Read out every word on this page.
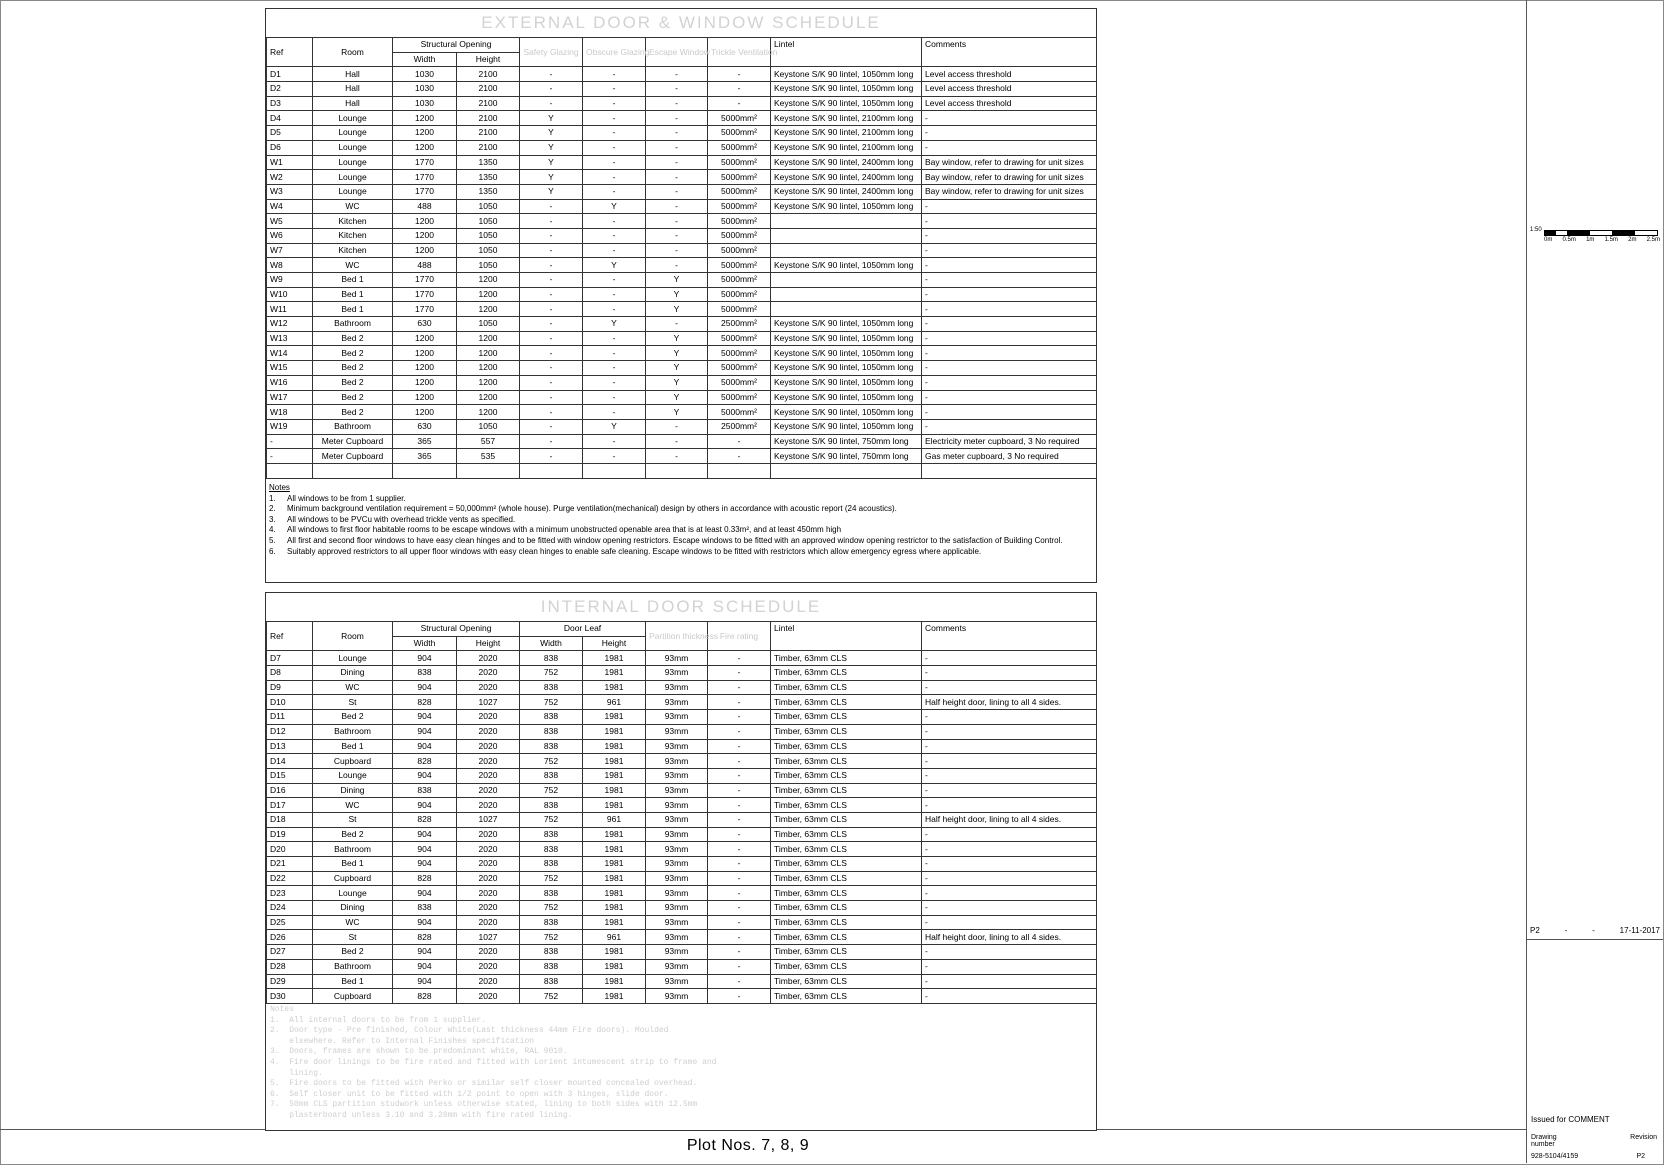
EXTERNAL DOOR & WINDOW SCHEDULE
Ref	Room	Structural Opening		Safety Glazing	Obscure Glazing	Escape Window	Trickle Ventilation	Lintel	Comments
		Width	Height						
D1	Hall	1030	2100	-	-	-	-	Keystone S/K 90 lintel, 1050mm long	Level access threshold
D2	Hall	1030	2100	-	-	-	-	Keystone S/K 90 lintel, 1050mm long	Level access threshold
D3	Hall	1030	2100	-	-	-	-	Keystone S/K 90 lintel, 1050mm long	Level access threshold
D4	Lounge	1200	2100	Y	-	-	5000mm²	Keystone S/K 90 lintel, 2100mm long	-
D5	Lounge	1200	2100	Y	-	-	5000mm²	Keystone S/K 90 lintel, 2100mm long	-
D6	Lounge	1200	2100	Y	-	-	5000mm²	Keystone S/K 90 lintel, 2100mm long	-
W1	Lounge	1770	1350	Y	-	-	5000mm²	Keystone S/K 90 lintel, 2400mm long	Bay window, refer to drawing for unit sizes
W2	Lounge	1770	1350	Y	-	-	5000mm²	Keystone S/K 90 lintel, 2400mm long	Bay window, refer to drawing for unit sizes
W3	Lounge	1770	1350	Y	-	-	5000mm²	Keystone S/K 90 lintel, 2400mm long	Bay window, refer to drawing for unit sizes
W4	WC	488	1050	-	Y	-	5000mm²	Keystone S/K 90 lintel, 1050mm long	-
W5	Kitchen	1200	1050	-	-	-	5000mm²		-
W6	Kitchen	1200	1050	-	-	-	5000mm²		-
W7	Kitchen	1200	1050	-	-	-	5000mm²		-
W8	WC	488	1050	-	Y	-	5000mm²	Keystone S/K 90 lintel, 1050mm long	-
W9	Bed 1	1770	1200	-	-	Y	5000mm²		-
W10	Bed 1	1770	1200	-	-	Y	5000mm²		-
W11	Bed 1	1770	1200	-	-	Y	5000mm²		-
W12	Bathroom	630	1050	-	Y	-	2500mm²	Keystone S/K 90 lintel, 1050mm long	-
W13	Bed 2	1200	1200	-	-	Y	5000mm²	Keystone S/K 90 lintel, 1050mm long	-
W14	Bed 2	1200	1200	-	-	Y	5000mm²	Keystone S/K 90 lintel, 1050mm long	-
W15	Bed 2	1200	1200	-	-	Y	5000mm²	Keystone S/K 90 lintel, 1050mm long	-
W16	Bed 2	1200	1200	-	-	Y	5000mm²	Keystone S/K 90 lintel, 1050mm long	-
W17	Bed 2	1200	1200	-	-	Y	5000mm²	Keystone S/K 90 lintel, 1050mm long	-
W18	Bed 2	1200	1200	-	-	Y	5000mm²	Keystone S/K 90 lintel, 1050mm long	-
W19	Bathroom	630	1050	-	Y	-	2500mm²	Keystone S/K 90 lintel, 1050mm long	-
-	Meter Cupboard	365	557	-	-	-	-	Keystone S/K 90 lintel, 750mm long	Electricity meter cupboard, 3 No required
-	Meter Cupboard	365	535	-	-	-	-	Keystone S/K 90 lintel, 750mm long	Gas meter cupboard, 3 No required

Notes
1.	All windows to be from 1 supplier.
2.	Minimum background ventilation requirement = 50,000mm² (whole house). Purge ventilation(mechanical) design by others in accordance with acoustic report (24 acoustics).
3.	All windows to be PVCu with overhead trickle vents as specified.
4.	All windows to first floor habitable rooms to be escape windows with a minimum unobstructed openable area that is at least 0.33m², and at least 450mm high
5.	All first and second floor windows to have easy clean hinges and to be fitted with window opening restrictors. Escape windows to be fitted with an approved window opening restrictor to the satisfaction of Building Control.
6.	Suitably approved restrictors to all upper floor windows with easy clean hinges to enable safe cleaning. Escape windows to be fitted with restrictors which allow emergency egress where applicable.
INTERNAL DOOR SCHEDULE
Ref	Room	Structural Opening		Door Leaf		Partition thickness	Fire rating	Lintel	Comments
		Width	Height	Width	Height				
D7	Lounge	904	2020	838	1981	93mm	-	Timber, 63mm CLS	-
D8	Dining	838	2020	752	1981	93mm	-	Timber, 63mm CLS	-
D9	WC	904	2020	838	1981	93mm	-	Timber, 63mm CLS	-
D10	St	828	1027	752	961	93mm	-	Timber, 63mm CLS	Half height door, lining to all 4 sides.
D11	Bed 2	904	2020	838	1981	93mm	-	Timber, 63mm CLS	-
D12	Bathroom	904	2020	838	1981	93mm	-	Timber, 63mm CLS	-
D13	Bed 1	904	2020	838	1981	93mm	-	Timber, 63mm CLS	-
D14	Cupboard	828	2020	752	1981	93mm	-	Timber, 63mm CLS	-
D15	Lounge	904	2020	838	1981	93mm	-	Timber, 63mm CLS	-
D16	Dining	838	2020	752	1981	93mm	-	Timber, 63mm CLS	-
D17	WC	904	2020	838	1981	93mm	-	Timber, 63mm CLS	-
D18	St	828	1027	752	961	93mm	-	Timber, 63mm CLS	Half height door, lining to all 4 sides.
D19	Bed 2	904	2020	838	1981	93mm	-	Timber, 63mm CLS	-
D20	Bathroom	904	2020	838	1981	93mm	-	Timber, 63mm CLS	-
D21	Bed 1	904	2020	838	1981	93mm	-	Timber, 63mm CLS	-
D22	Cupboard	828	2020	752	1981	93mm	-	Timber, 63mm CLS	-
D23	Lounge	904	2020	838	1981	93mm	-	Timber, 63mm CLS	-
D24	Dining	838	2020	752	1981	93mm	-	Timber, 63mm CLS	-
D25	WC	904	2020	838	1981	93mm	-	Timber, 63mm CLS	-
D26	St	828	1027	752	961	93mm	-	Timber, 63mm CLS	Half height door, lining to all 4 sides.
D27	Bed 2	904	2020	838	1981	93mm	-	Timber, 63mm CLS	-
D28	Bathroom	904	2020	838	1981	93mm	-	Timber, 63mm CLS	-
D29	Bed 1	904	2020	838	1981	93mm	-	Timber, 63mm CLS	-
D30	Cupboard	828	2020	752	1981	93mm	-	Timber, 63mm CLS	-
Notes
1.  All internal doors to be from 1 supplier.
2.  Door type - Pre finished, Colour White(Last thickness 44mm Fire doors). Moulded
elsewhere. Refer to Internal Finishes specification
3.  Doors, frames are shown to be predominant white, RAL 9010.
4.  Fire door linings to be fire rated and fitted with Lorient intumescent strip to frame and
lining.
5.  Fire doors to be fitted with Perko or similar self closer mounted concealed overhead.
6.  Self closer unit to be fitted with 1/2 point to open with 3 hinges, slide door.
7.  50mm CLS partition studwork unless otherwise stated, lining to both sides with 12.5mm
plasterboard unless 3.10 and 3.20mm with fire rated lining.
Plot Nos. 7, 8, 9
1:50
0m 0.5m 1m 1.5m 2m 2.5m
P2	-	-	17-11-2017
Issued for COMMENT
Drawing number
Revision
928-5104/4159	P2
